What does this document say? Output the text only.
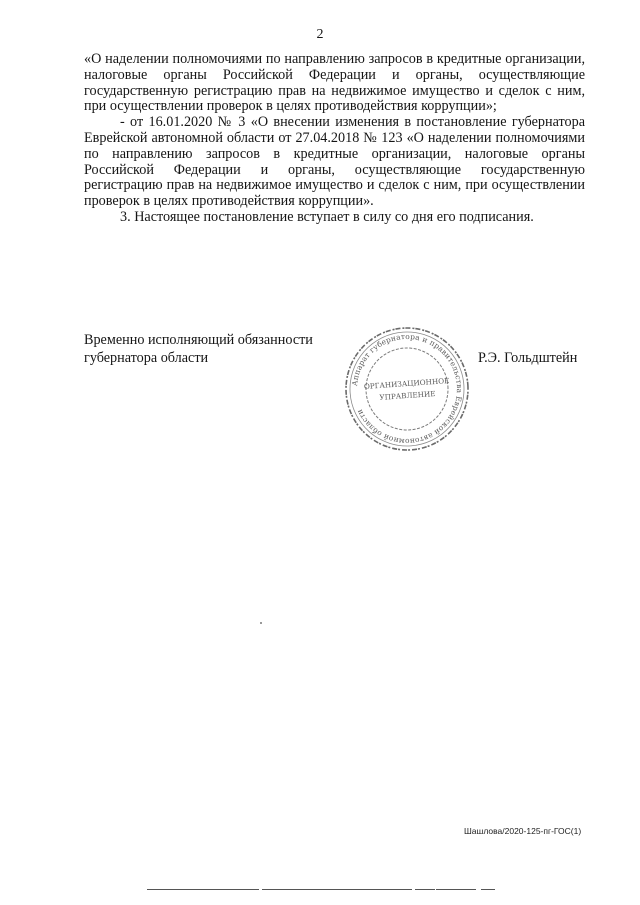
2

«О наделении полномочиями по направлению запросов в кредитные организации, налоговые органы Российской Федерации и органы, осуществляющие государственную регистрацию прав на недвижимое имущество и сделок с ним, при осуществлении проверок в целях противодействия коррупции»;

- от 16.01.2020 № 3 «О внесении изменения в постановление губернатора Еврейской автономной области от 27.04.2018 № 123 «О наделении полномочиями по направлению запросов в кредитные организации, налоговые органы Российской Федерации и органы, осуществляющие государственную регистрацию прав на недвижимое имущество и сделок с ним, при осуществлении проверок в целях противодействия коррупции».

3. Настоящее постановление вступает в силу со дня его подписания.

Временно исполняющий обязанности
губернатора области	Р.Э. Гольдштейн
Аппарат губернатора и правительства Еврейской автономной области
ОРГАНИЗАЦИОННОЕ
УПРАВЛЕНИЕ
Шашлова/2020-125-пг-ГОС(1)
